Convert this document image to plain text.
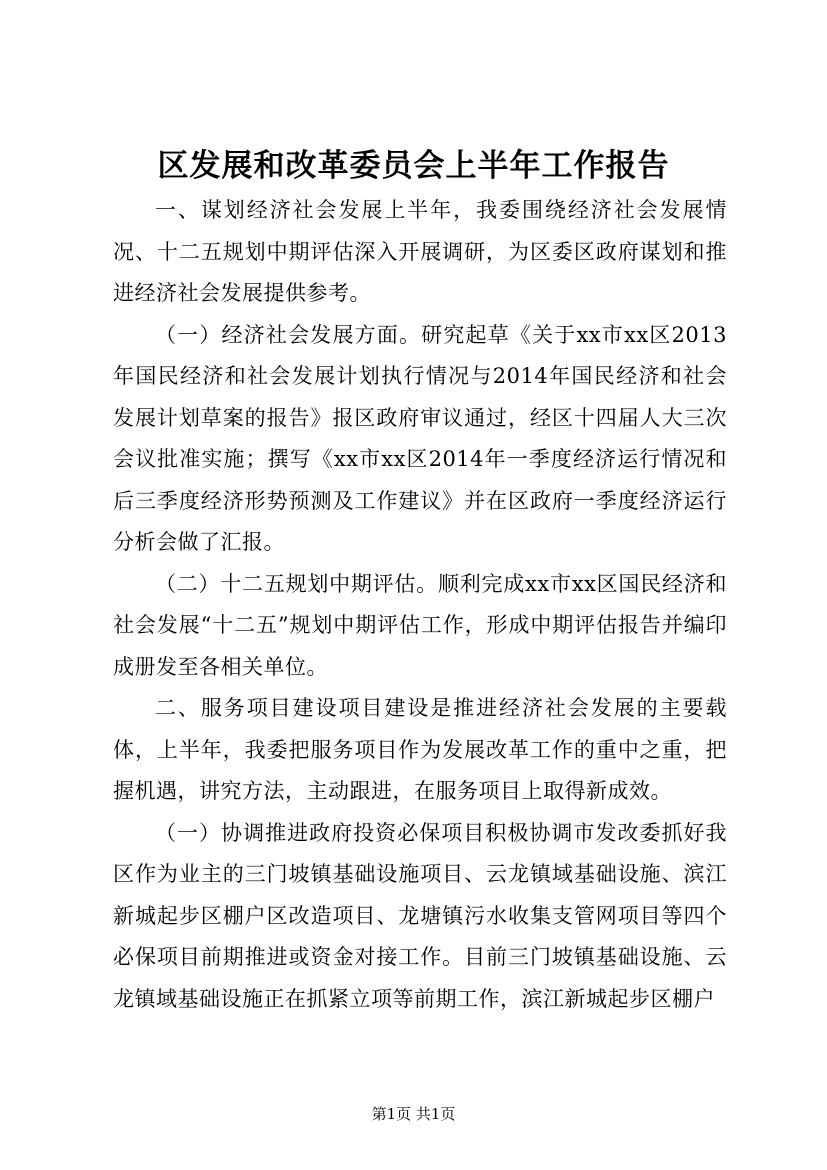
区发展和改革委员会上半年工作报告

一、谋划经济社会发展上半年，我委围绕经济社会发展情况、十二五规划中期评估深入开展调研，为区委区政府谋划和推进经济社会发展提供参考。

（一）经济社会发展方面。研究起草《关于xx市xx区2013年国民经济和社会发展计划执行情况与2014年国民经济和社会发展计划草案的报告》报区政府审议通过，经区十四届人大三次会议批准实施；撰写《xx市xx区2014年一季度经济运行情况和后三季度经济形势预测及工作建议》并在区政府一季度经济运行分析会做了汇报。

（二）十二五规划中期评估。顺利完成xx市xx区国民经济和社会发展“十二五”规划中期评估工作，形成中期评估报告并编印成册发至各相关单位。

二、服务项目建设项目建设是推进经济社会发展的主要载体，上半年，我委把服务项目作为发展改革工作的重中之重，把握机遇，讲究方法，主动跟进，在服务项目上取得新成效。

（一）协调推进政府投资必保项目积极协调市发改委抓好我区作为业主的三门坡镇基础设施项目、云龙镇域基础设施、滨江新城起步区棚户区改造项目、龙塘镇污水收集支管网项目等四个必保项目前期推进或资金对接工作。目前三门坡镇基础设施、云龙镇域基础设施正在抓紧立项等前期工作，滨江新城起步区棚户

第1页 共1页
